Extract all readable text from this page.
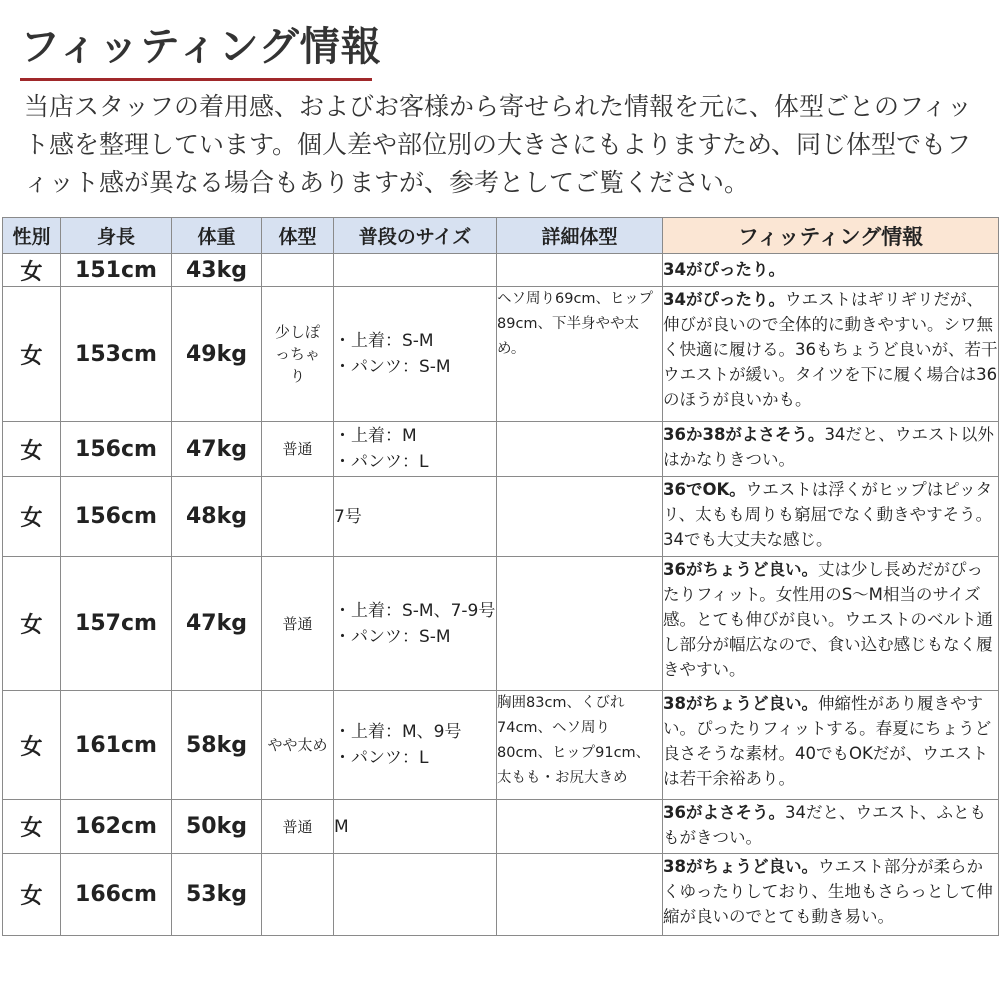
フィッティング情報
当店スタッフの着用感、およびお客様から寄せられた情報を元に、体型ごとのフィット感を整理しています。個人差や部位別の大きさにもよりますため、同じ体型でもフィット感が異なる場合もありますが、参考としてご覧ください。
性別	身長	体重	体型	普段のサイズ	詳細体型	フィッティング情報
女	151cm	43kg				34がぴったり。
女	153cm	49kg	少しぽっちゃり	・上着：S-M
・パンツ：S-M	ヘソ周り69cm、ヒップ89cm、下半身やや太め。	34がぴったり。ウエストはギリギリだが、伸びが良いので全体的に動きやすい。シワ無く快適に履ける。36もちょうど良いが、若干ウエストが緩い。タイツを下に履く場合は36のほうが良いかも。
女	156cm	47kg	普通	・上着：M
・パンツ：L		36か38がよさそう。34だと、ウエスト以外はかなりきつい。
女	156cm	48kg		7号		36でOK。ウエストは浮くがヒップはピッタリ、太もも周りも窮屈でなく動きやすそう。34でも大丈夫な感じ。
女	157cm	47kg	普通	・上着：S-M、7-9号
・パンツ：S-M		36がちょうど良い。丈は少し長めだがぴったりフィット。女性用のS～M相当のサイズ感。とても伸びが良い。ウエストのベルト通し部分が幅広なので、食い込む感じもなく履きやすい。
女	161cm	58kg	やや太め	・上着：M、9号
・パンツ：L	胸囲83cm、くびれ74cm、ヘソ周り80cm、ヒップ91cm、太もも・お尻大きめ	38がちょうど良い。伸縮性があり履きやすい。ぴったりフィットする。春夏にちょうど良さそうな素材。40でもOKだが、ウエストは若干余裕あり。
女	162cm	50kg	普通	M		36がよさそう。34だと、ウエスト、ふとももがきつい。
女	166cm	53kg				38がちょうど良い。ウエスト部分が柔らかくゆったりしており、生地もさらっとして伸縮が良いのでとても動き易い。
